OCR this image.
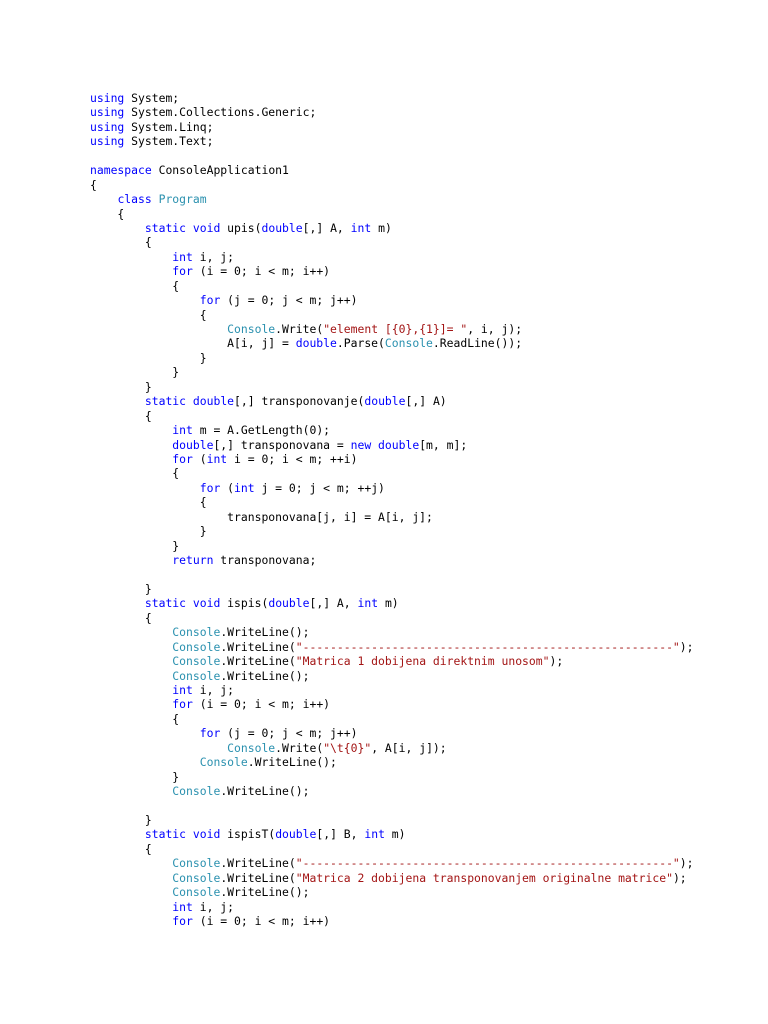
using System;
using System.Collections.Generic;
using System.Linq;
using System.Text;

namespace ConsoleApplication1
{
class Program
{
static void upis(double[,] A, int m)
{
int i, j;
for (i = 0; i < m; i++)
{
for (j = 0; j < m; j++)
{
Console.Write("element [{0},{1}]= ", i, j);
A[i, j] = double.Parse(Console.ReadLine());
}
}
}
static double[,] transponovanje(double[,] A)
{
int m = A.GetLength(0);
double[,] transponovana = new double[m, m];
for (int i = 0; i < m; ++i)
{
for (int j = 0; j < m; ++j)
{
transponovana[j, i] = A[i, j];
}
}
return transponovana;

}
static void ispis(double[,] A, int m)
{
Console.WriteLine();
Console.WriteLine("------------------------------------------------------");
Console.WriteLine("Matrica 1 dobijena direktnim unosom");
Console.WriteLine();
int i, j;
for (i = 0; i < m; i++)
{
for (j = 0; j < m; j++)
Console.Write("\t{0}", A[i, j]);
Console.WriteLine();
}
Console.WriteLine();

}
static void ispisT(double[,] B, int m)
{
Console.WriteLine("------------------------------------------------------");
Console.WriteLine("Matrica 2 dobijena transponovanjem originalne matrice");
Console.WriteLine();
int i, j;
for (i = 0; i < m; i++)
